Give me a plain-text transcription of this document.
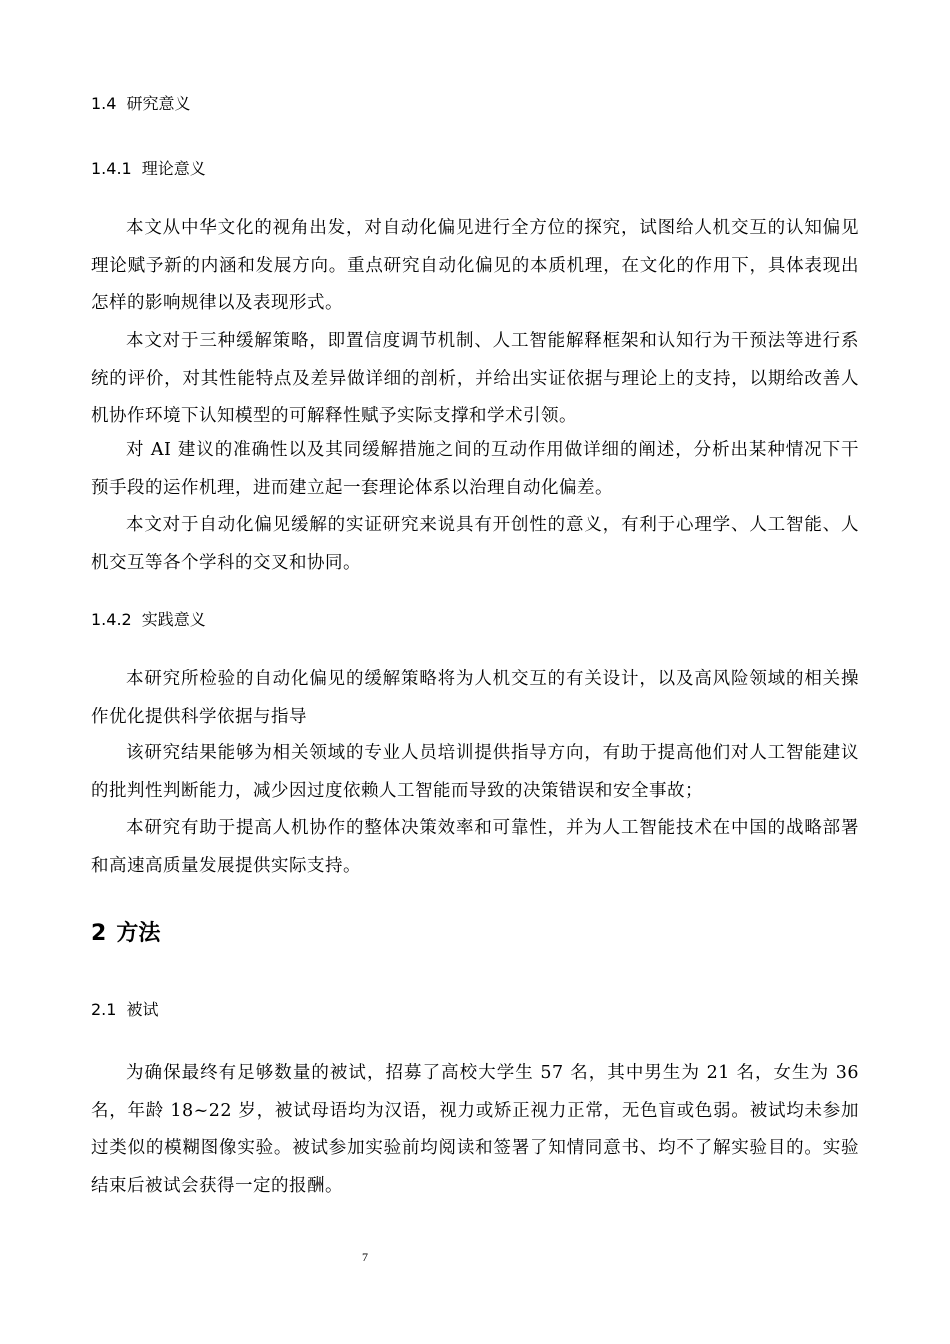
1.4 研究意义
1.4.1 理论意义
本文从中华文化的视角出发，对自动化偏见进行全方位的探究，试图给人机交互的认知偏见理论赋予新的内涵和发展方向。重点研究自动化偏见的本质机理，在文化的作用下，具体表现出怎样的影响规律以及表现形式。
本文对于三种缓解策略，即置信度调节机制、人工智能解释框架和认知行为干预法等进行系统的评价，对其性能特点及差异做详细的剖析，并给出实证依据与理论上的支持，以期给改善人机协作环境下认知模型的可解释性赋予实际支撑和学术引领。
对 AI 建议的准确性以及其同缓解措施之间的互动作用做详细的阐述，分析出某种情况下干预手段的运作机理，进而建立起一套理论体系以治理自动化偏差。
本文对于自动化偏见缓解的实证研究来说具有开创性的意义，有利于心理学、人工智能、人机交互等各个学科的交叉和协同。
1.4.2 实践意义
本研究所检验的自动化偏见的缓解策略将为人机交互的有关设计，以及高风险领域的相关操作优化提供科学依据与指导
该研究结果能够为相关领域的专业人员培训提供指导方向，有助于提高他们对人工智能建议的批判性判断能力，减少因过度依赖人工智能而导致的决策错误和安全事故；
本研究有助于提高人机协作的整体决策效率和可靠性，并为人工智能技术在中国的战略部署和高速高质量发展提供实际支持。
2 方法
2.1 被试
为确保最终有足够数量的被试，招募了高校大学生 57 名，其中男生为 21 名，女生为 36 名，年龄 18~22 岁，被试母语均为汉语，视力或矫正视力正常，无色盲或色弱。被试均未参加过类似的模糊图像实验。被试参加实验前均阅读和签署了知情同意书、均不了解实验目的。实验结束后被试会获得一定的报酬。
7
